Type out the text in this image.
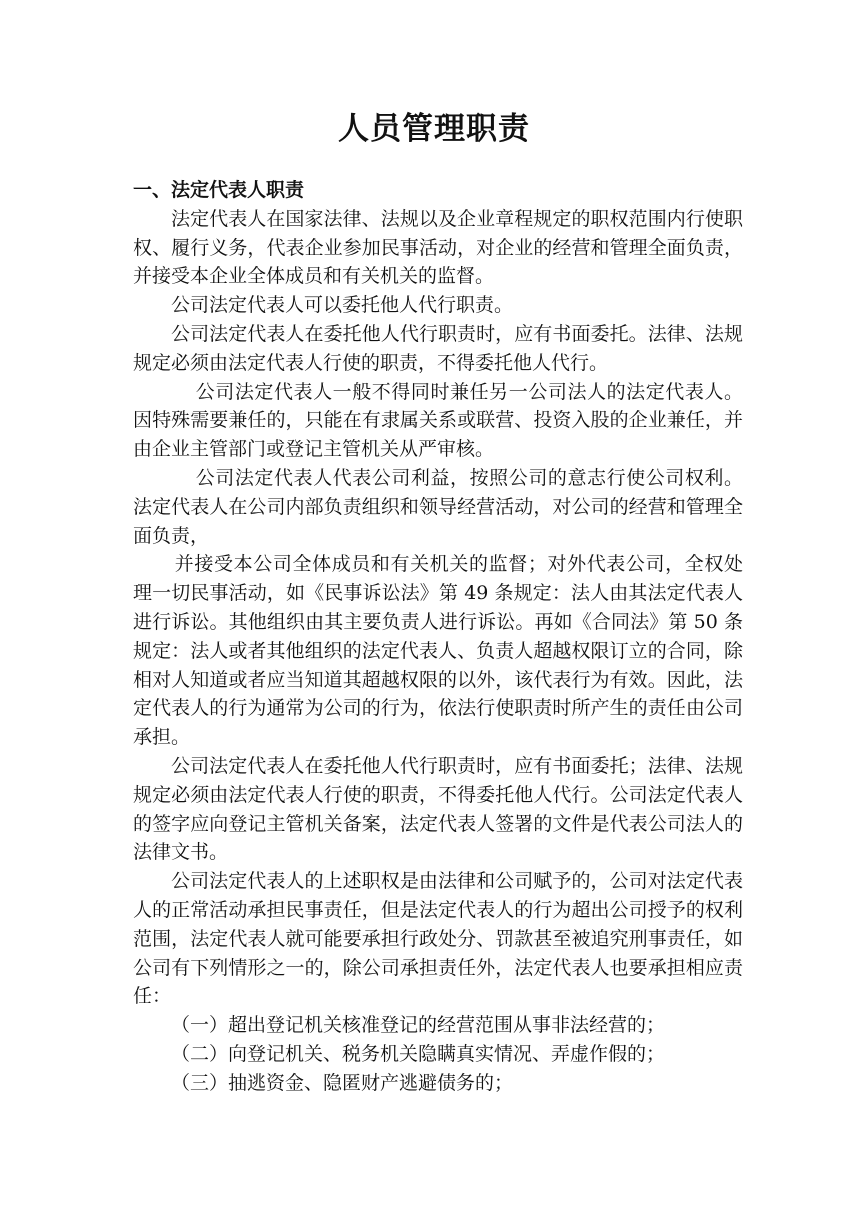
人员管理职责

一、法定代表人职责

法定代表人在国家法律、法规以及企业章程规定的职权范围内行使职权、履行义务，代表企业参加民事活动，对企业的经营和管理全面负责，并接受本企业全体成员和有关机关的监督。

公司法定代表人可以委托他人代行职责。

公司法定代表人在委托他人代行职责时，应有书面委托。法律、法规规定必须由法定代表人行使的职责，不得委托他人代行。

公司法定代表人一般不得同时兼任另一公司法人的法定代表人。因特殊需要兼任的，只能在有隶属关系或联营、投资入股的企业兼任，并由企业主管部门或登记主管机关从严审核。

公司法定代表人代表公司利益，按照公司的意志行使公司权利。法定代表人在公司内部负责组织和领导经营活动，对公司的经营和管理全面负责，

并接受本公司全体成员和有关机关的监督；对外代表公司，全权处理一切民事活动，如《民事诉讼法》第 49 条规定：法人由其法定代表人进行诉讼。其他组织由其主要负责人进行诉讼。再如《合同法》第 50 条规定：法人或者其他组织的法定代表人、负责人超越权限订立的合同，除相对人知道或者应当知道其超越权限的以外，该代表行为有效。因此，法定代表人的行为通常为公司的行为，依法行使职责时所产生的责任由公司承担。

公司法定代表人在委托他人代行职责时，应有书面委托；法律、法规规定必须由法定代表人行使的职责，不得委托他人代行。公司法定代表人的签字应向登记主管机关备案，法定代表人签署的文件是代表公司法人的法律文书。

公司法定代表人的上述职权是由法律和公司赋予的，公司对法定代表人的正常活动承担民事责任，但是法定代表人的行为超出公司授予的权利范围，法定代表人就可能要承担行政处分、罚款甚至被追究刑事责任，如公司有下列情形之一的，除公司承担责任外，法定代表人也要承担相应责任：

（一）超出登记机关核准登记的经营范围从事非法经营的；

（二）向登记机关、税务机关隐瞒真实情况、弄虚作假的；

（三）抽逃资金、隐匿财产逃避债务的；
